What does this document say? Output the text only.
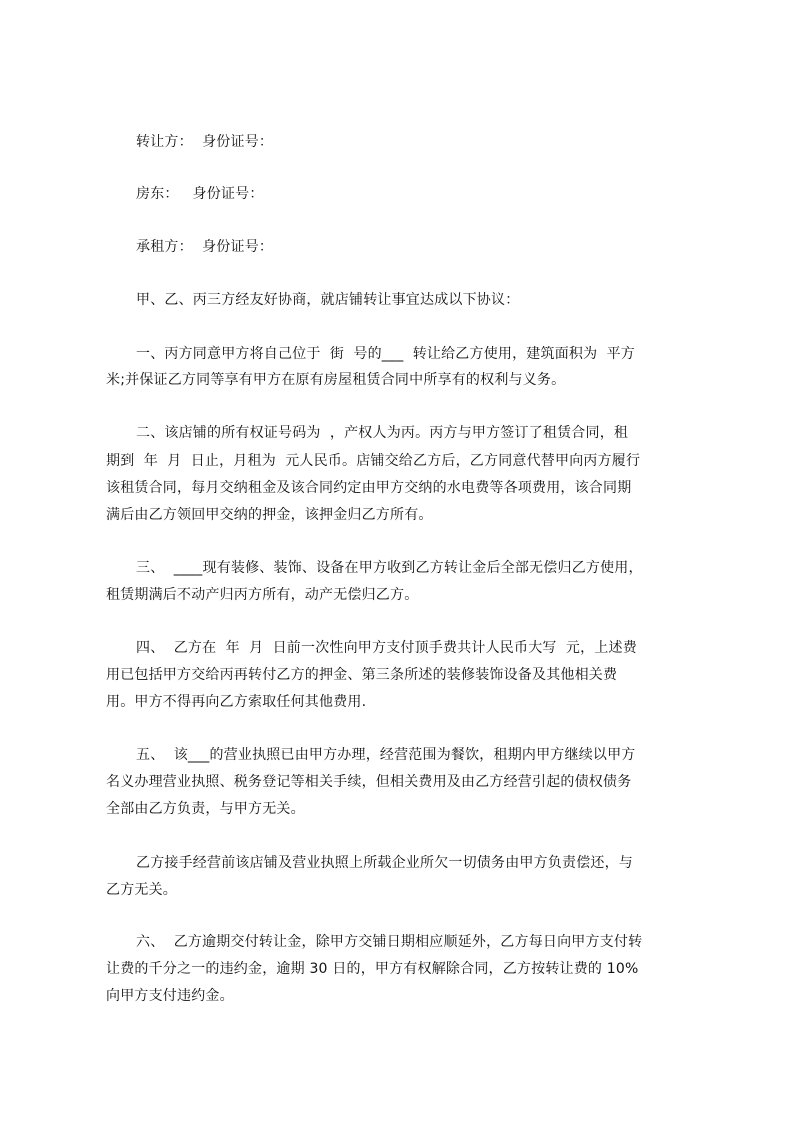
转让方：  身份证号：
房东：   身份证号：
承租方：  身份证号：
甲、乙、丙三方经友好协商，就店铺转让事宜达成以下协议：
一、丙方同意甲方将自己位于  街  号的___  转让给乙方使用，建筑面积为  平方
米;并保证乙方同等享有甲方在原有房屋租赁合同中所享有的权利与义务。
二、该店铺的所有权证号码为  ，产权人为丙。丙方与甲方签订了租赁合同，租
期到  年  月  日止，月租为  元人民币。店铺交给乙方后，乙方同意代替甲向丙方履行
该租赁合同，每月交纳租金及该合同约定由甲方交纳的水电费等各项费用，该合同期
满后由乙方领回甲交纳的押金，该押金归乙方所有。
三、  ____现有装修、装饰、设备在甲方收到乙方转让金后全部无偿归乙方使用，
租赁期满后不动产归丙方所有，动产无偿归乙方。
四、  乙方在  年  月  日前一次性向甲方支付顶手费共计人民币大写  元，上述费
用已包括甲方交给丙再转付乙方的押金、第三条所述的装修装饰设备及其他相关费
用。甲方不得再向乙方索取任何其他费用.
五、  该___的营业执照已由甲方办理，经营范围为餐饮，租期内甲方继续以甲方
名义办理营业执照、税务登记等相关手续，但相关费用及由乙方经营引起的债权债务
全部由乙方负责，与甲方无关。
乙方接手经营前该店铺及营业执照上所载企业所欠一切债务由甲方负责偿还，与
乙方无关。
六、  乙方逾期交付转让金，除甲方交铺日期相应顺延外，乙方每日向甲方支付转
让费的千分之一的违约金，逾期 30 日的，甲方有权解除合同，乙方按转让费的 10%
向甲方支付违约金。
